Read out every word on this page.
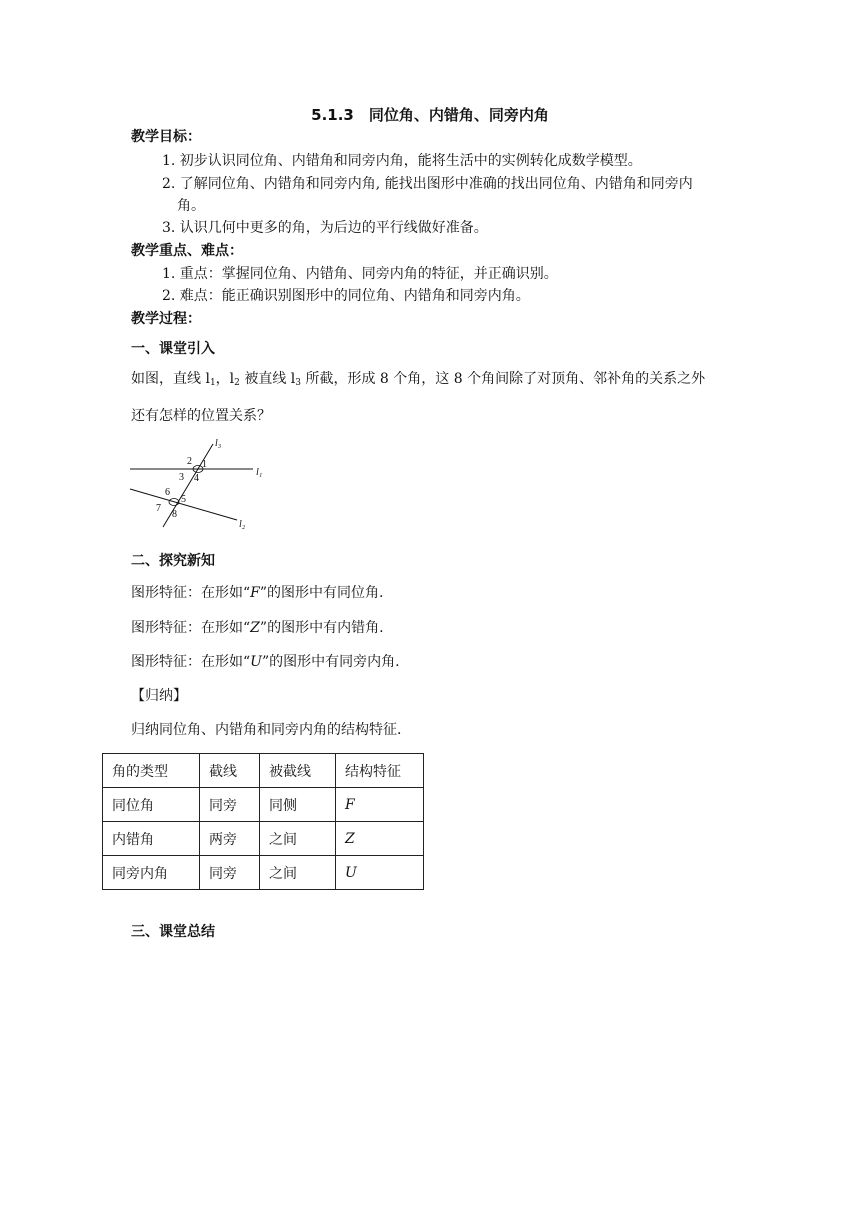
5.1.3　同位角、内错角、同旁内角
教学目标：
1. 初步认识同位角、内错角和同旁内角，能将生活中的实例转化成数学模型。
2. 了解同位角、内错角和同旁内角, 能找出图形中准确的找出同位角、内错角和同旁内
角。
3. 认识几何中更多的角，为后边的平行线做好准备。
教学重点、难点：
1. 重点：掌握同位角、内错角、同旁内角的特征，并正确识别。
2. 难点：能正确识别图形中的同位角、内错角和同旁内角。
教学过程：
一、课堂引入
如图，直线 $l_1$，$l_2$ 被直线 $l_3$ 所截，形成 8 个角，这 8 个角间除了对顶角、邻补角的关系之外
还有怎样的位置关系？
2 1
3 4
6
5
7
8
l₁
l₂
l₃
二、探究新知
图形特征：在形如“F”的图形中有同位角.
图形特征：在形如“Z”的图形中有内错角.
图形特征：在形如“U”的图形中有同旁内角.
【归纳】
归纳同位角、内错角和同旁内角的结构特征.
角的类型	截线	被截线	结构特征
同位角	同旁	同侧	F
内错角	两旁	之间	Z
同旁内角	同旁	之间	U
三、课堂总结
